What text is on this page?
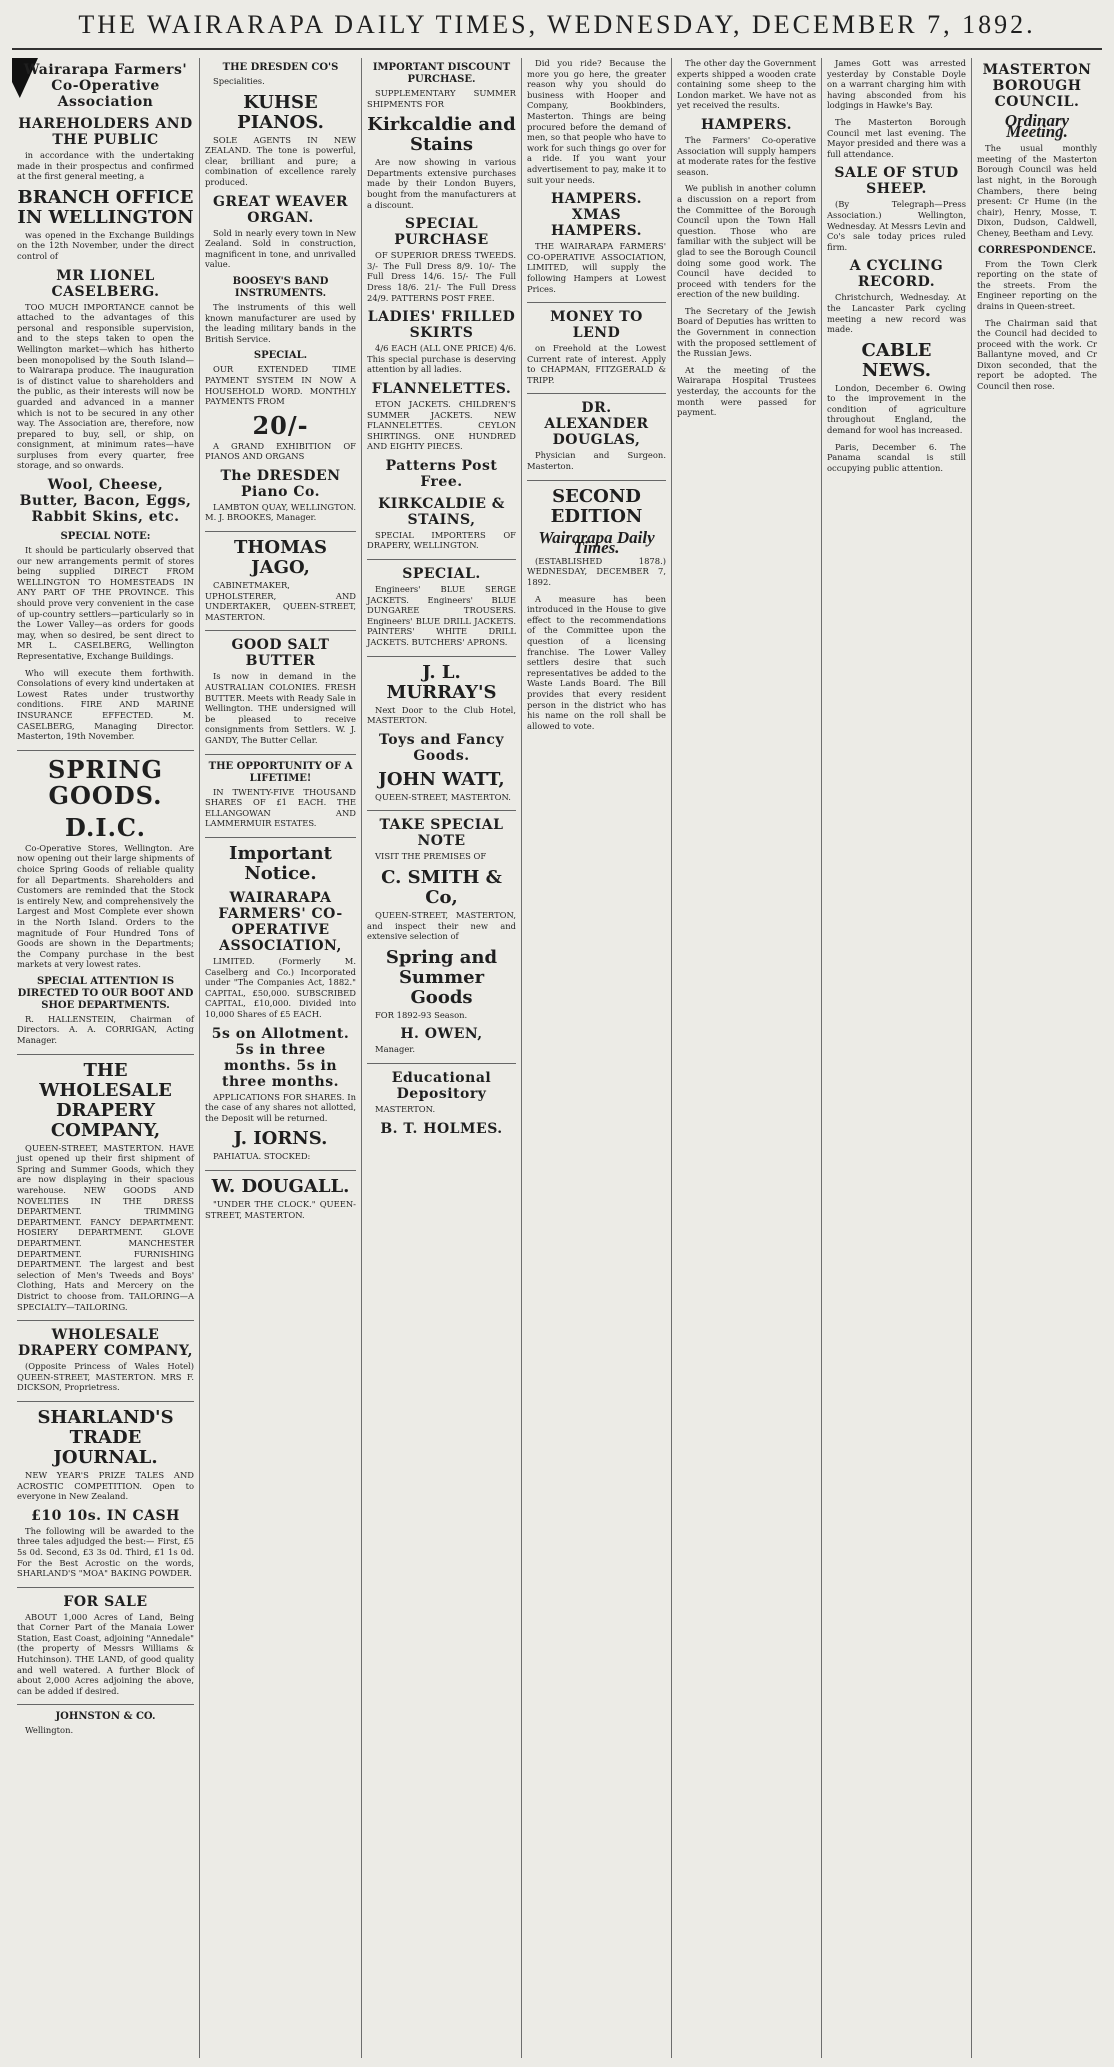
THE WAIRARAPA DAILY TIMES, WEDNESDAY, DECEMBER 7, 1892.
Wairarapa Farmers' Co-Operative Association
HAREHOLDERS AND THE PUBLIC

in accordance with the undertaking made in their prospectus and confirmed at the first general meeting, a

BRANCH OFFICE IN WELLINGTON

was opened in the Exchange Buildings on the 12th November, under the direct control of

MR LIONEL CASELBERG.

TOO MUCH IMPORTANCE cannot be attached to the advantages of this personal and responsible supervision, and to the steps taken to open the Wellington market—which has hitherto been monopolised by the South Island—to Wairarapa produce. The inauguration is of distinct value to shareholders and the public, as their interests will now be guarded and advanced in a manner which is not to be secured in any other way. The Association are, therefore, now prepared to buy, sell, or ship, on consignment, at minimum rates—have surpluses from every quarter, free storage, and so onwards.

Wool, Cheese, Butter, Bacon, Eggs, Rabbit Skins, etc.
SPECIAL NOTE:

It should be particularly observed that our new arrangements permit of stores being supplied DIRECT FROM WELLINGTON TO HOMESTEADS IN ANY PART OF THE PROVINCE. This should prove very convenient in the case of up-country settlers—particularly so in the Lower Valley—as orders for goods may, when so desired, be sent direct to MR L. CASELBERG, Wellington Representative, Exchange Buildings.

Who will execute them forthwith. Consolations of every kind undertaken at Lowest Rates under trustworthy conditions. FIRE AND MARINE INSURANCE EFFECTED. M. CASELBERG, Managing Director. Masterton, 19th November.

SPRING GOODS.
D.I.C.

Co-Operative Stores, Wellington. Are now opening out their large shipments of choice Spring Goods of reliable quality for all Departments. Shareholders and Customers are reminded that the Stock is entirely New, and comprehensively the Largest and Most Complete ever shown in the North Island. Orders to the magnitude of Four Hundred Tons of Goods are shown in the Departments; the Company purchase in the best markets at very lowest rates.

SPECIAL ATTENTION IS DIRECTED TO OUR BOOT AND SHOE DEPARTMENTS.

R. HALLENSTEIN, Chairman of Directors. A. A. CORRIGAN, Acting Manager.

THE WHOLESALE DRAPERY COMPANY,

QUEEN-STREET, MASTERTON. HAVE just opened up their first shipment of Spring and Summer Goods, which they are now displaying in their spacious warehouse. NEW GOODS AND NOVELTIES IN THE DRESS DEPARTMENT. TRIMMING DEPARTMENT. FANCY DEPARTMENT. HOSIERY DEPARTMENT. GLOVE DEPARTMENT. MANCHESTER DEPARTMENT. FURNISHING DEPARTMENT. The largest and best selection of Men's Tweeds and Boys' Clothing, Hats and Mercery on the District to choose from. TAILORING—A SPECIALTY—TAILORING.

WHOLESALE DRAPERY COMPANY,

(Opposite Princess of Wales Hotel) QUEEN-STREET, MASTERTON. MRS F. DICKSON, Proprietress.

SHARLAND'S TRADE JOURNAL.

NEW YEAR'S PRIZE TALES AND ACROSTIC COMPETITION. Open to everyone in New Zealand.

£10 10s. IN CASH

The following will be awarded to the three tales adjudged the best:— First, £5 5s 0d. Second, £3 3s 0d. Third, £1 1s 0d. For the Best Acrostic on the words, SHARLAND'S "MOA" BAKING POWDER.

FOR SALE

ABOUT 1,000 Acres of Land, Being that Corner Part of the Manaia Lower Station, East Coast, adjoining "Annedale" (the property of Messrs Williams & Hutchinson). THE LAND, of good quality and well watered. A further Block of about 2,000 Acres adjoining the above, can be added if desired.

JOHNSTON & CO.

Wellington.

THE DRESDEN CO'S

Specialities.

KUHSE PIANOS.

SOLE AGENTS IN NEW ZEALAND. The tone is powerful, clear, brilliant and pure; a combination of excellence rarely produced.

GREAT WEAVER ORGAN.

Sold in nearly every town in New Zealand. Sold in construction, magnificent in tone, and unrivalled value.

BOOSEY'S BAND INSTRUMENTS.

The instruments of this well known manufacturer are used by the leading military bands in the British Service.

SPECIAL.

OUR EXTENDED TIME PAYMENT SYSTEM IN NOW A HOUSEHOLD WORD. MONTHLY PAYMENTS FROM

20/-

A GRAND EXHIBITION OF PIANOS AND ORGANS

The DRESDEN Piano Co.

LAMBTON QUAY, WELLINGTON. M. J. BROOKES, Manager.

THOMAS JAGO,

CABINETMAKER, UPHOLSTERER, AND UNDERTAKER, QUEEN-STREET, MASTERTON.

GOOD SALT BUTTER

Is now in demand in the AUSTRALIAN COLONIES. FRESH BUTTER. Meets with Ready Sale in Wellington. THE undersigned will be pleased to receive consignments from Settlers. W. J. GANDY, The Butter Cellar.

THE OPPORTUNITY OF A LIFETIME!

IN TWENTY-FIVE THOUSAND SHARES OF £1 EACH. THE ELLANGOWAN AND LAMMERMUIR ESTATES.

Important Notice.
WAIRARAPA FARMERS' CO-OPERATIVE ASSOCIATION,

LIMITED. (Formerly M. Caselberg and Co.) Incorporated under "The Companies Act, 1882." CAPITAL, £50,000. SUBSCRIBED CAPITAL, £10,000. Divided into 10,000 Shares of £5 EACH.

5s on Allotment. 5s in three months. 5s in three months.

APPLICATIONS FOR SHARES. In the case of any shares not allotted, the Deposit will be returned.

J. IORNS.

PAHIATUA. STOCKED:

W. DOUGALL.

"UNDER THE CLOCK." QUEEN-STREET, MASTERTON.

IMPORTANT DISCOUNT PURCHASE.

SUPPLEMENTARY SUMMER SHIPMENTS FOR

Kirkcaldie and Stains

Are now showing in various Departments extensive purchases made by their London Buyers, bought from the manufacturers at a discount.

SPECIAL PURCHASE

OF SUPERIOR DRESS TWEEDS. 3/- The Full Dress 8/9. 10/- The Full Dress 14/6. 15/- The Full Dress 18/6. 21/- The Full Dress 24/9. PATTERNS POST FREE.

LADIES' FRILLED SKIRTS

4/6 EACH (ALL ONE PRICE) 4/6. This special purchase is deserving attention by all ladies.

FLANNELETTES.

ETON JACKETS. CHILDREN'S SUMMER JACKETS. NEW FLANNELETTES. CEYLON SHIRTINGS. ONE HUNDRED AND EIGHTY PIECES.

Patterns Post Free.
KIRKCALDIE & STAINS,

SPECIAL IMPORTERS OF DRAPERY, WELLINGTON.

SPECIAL.

Engineers' BLUE SERGE JACKETS. Engineers' BLUE DUNGAREE TROUSERS. Engineers' BLUE DRILL JACKETS. PAINTERS' WHITE DRILL JACKETS. BUTCHERS' APRONS.

J. L. MURRAY'S

Next Door to the Club Hotel, MASTERTON.

Toys and Fancy Goods.
JOHN WATT,

QUEEN-STREET, MASTERTON.

TAKE SPECIAL NOTE

VISIT THE PREMISES OF

C. SMITH & Co,

QUEEN-STREET, MASTERTON, and inspect their new and extensive selection of

Spring and Summer Goods

FOR 1892-93 Season.

H. OWEN,

Manager.

Educational Depository

MASTERTON.

B. T. HOLMES.

Did you ride? Because the more you go here, the greater reason why you should do business with Hooper and Company, Bookbinders, Masterton. Things are being procured before the demand of men, so that people who have to work for such things go over for a ride. If you want your advertisement to pay, make it to suit your needs.

HAMPERS. XMAS HAMPERS.

THE WAIRARAPA FARMERS' CO-OPERATIVE ASSOCIATION, LIMITED, will supply the following Hampers at Lowest Prices.

MONEY TO LEND

on Freehold at the Lowest Current rate of interest. Apply to CHAPMAN, FITZGERALD & TRIPP.

DR. ALEXANDER DOUGLAS,

Physician and Surgeon. Masterton.

SECOND EDITION
Wairarapa Daily Times.

(ESTABLISHED 1878.) WEDNESDAY, DECEMBER 7, 1892.

A measure has been introduced in the House to give effect to the recommendations of the Committee upon the question of a licensing franchise. The Lower Valley settlers desire that such representatives be added to the Waste Lands Board. The Bill provides that every resident person in the district who has his name on the roll shall be allowed to vote.

The other day the Government experts shipped a wooden crate containing some sheep to the London market. We have not as yet received the results.

HAMPERS.

The Farmers' Co-operative Association will supply hampers at moderate rates for the festive season.

We publish in another column a discussion on a report from the Committee of the Borough Council upon the Town Hall question. Those who are familiar with the subject will be glad to see the Borough Council doing some good work. The Council have decided to proceed with tenders for the erection of the new building.

The Secretary of the Jewish Board of Deputies has written to the Government in connection with the proposed settlement of the Russian Jews.

At the meeting of the Wairarapa Hospital Trustees yesterday, the accounts for the month were passed for payment.

James Gott was arrested yesterday by Constable Doyle on a warrant charging him with having absconded from his lodgings in Hawke's Bay.

The Masterton Borough Council met last evening. The Mayor presided and there was a full attendance.

SALE OF STUD SHEEP.

(By Telegraph—Press Association.) Wellington, Wednesday. At Messrs Levin and Co's sale today prices ruled firm.

A CYCLING RECORD.

Christchurch, Wednesday. At the Lancaster Park cycling meeting a new record was made.

CABLE NEWS.

London, December 6. Owing to the improvement in the condition of agriculture throughout England, the demand for wool has increased.

Paris, December 6. The Panama scandal is still occupying public attention.

MASTERTON BOROUGH COUNCIL.
Ordinary Meeting.

The usual monthly meeting of the Masterton Borough Council was held last night, in the Borough Chambers, there being present: Cr Hume (in the chair), Henry, Mosse, T. Dixon, Dudson, Caldwell, Cheney, Beetham and Levy.

CORRESPONDENCE.

From the Town Clerk reporting on the state of the streets. From the Engineer reporting on the drains in Queen-street.

The Chairman said that the Council had decided to proceed with the work. Cr Ballantyne moved, and Cr Dixon seconded, that the report be adopted. The Council then rose.
